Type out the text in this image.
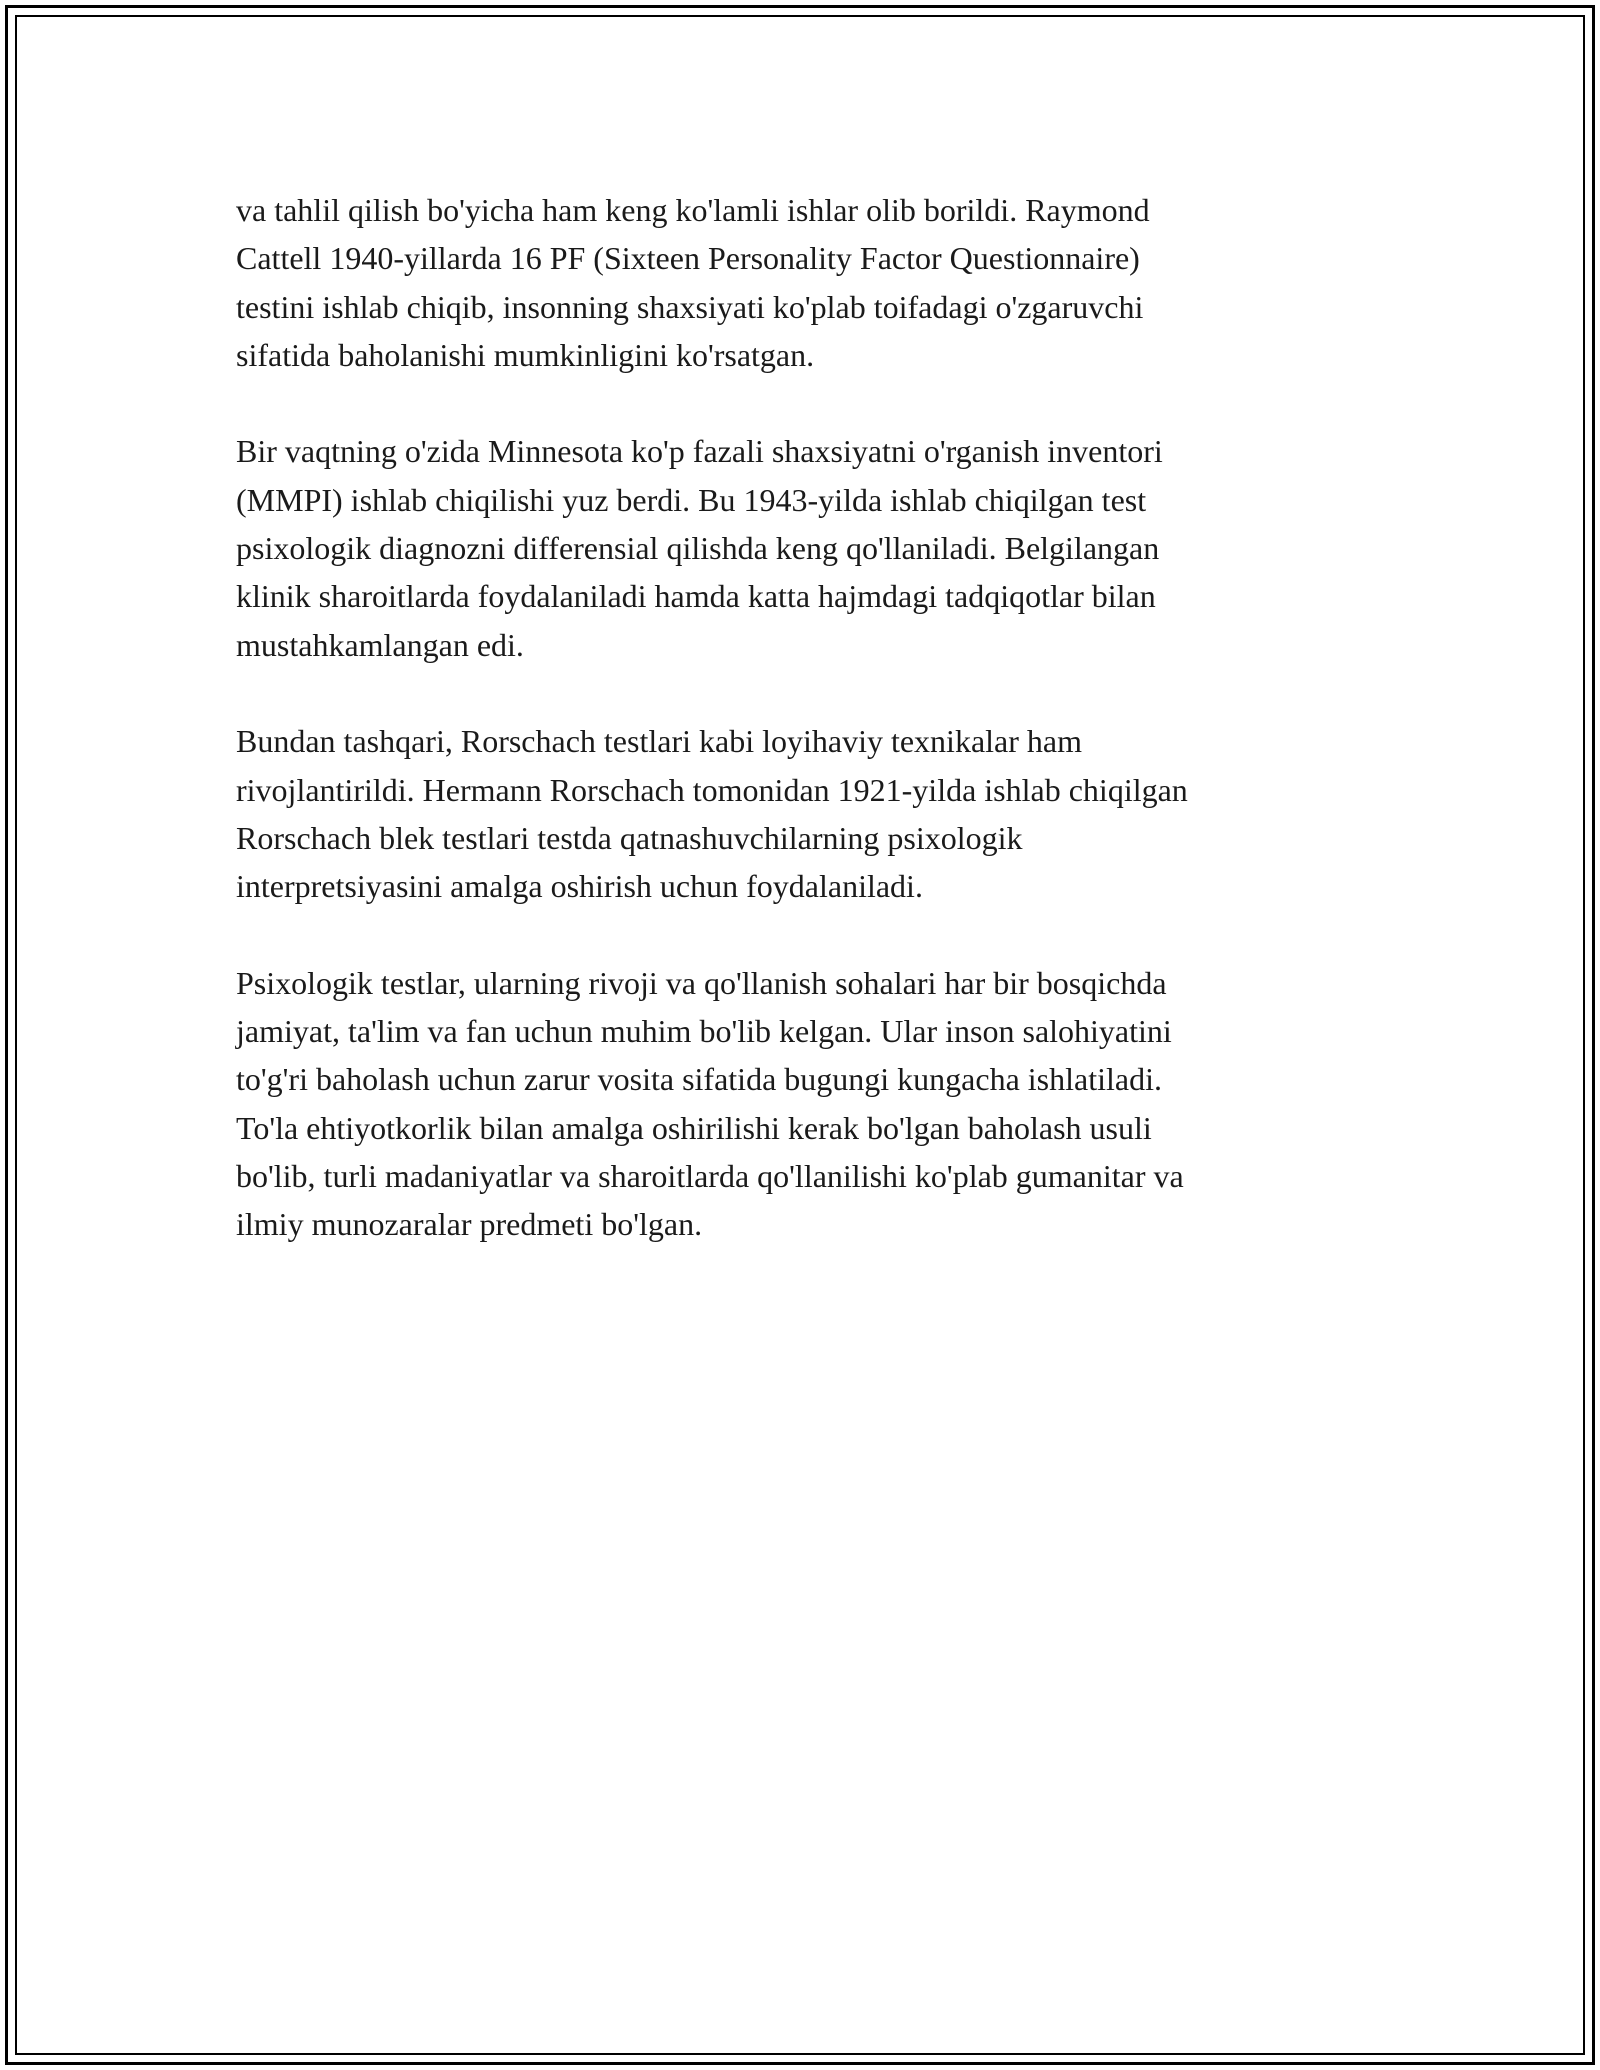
va tahlil qilish bo'yicha ham keng ko'lamli ishlar olib borildi. Raymond
Cattell 1940-yillarda 16 PF (Sixteen Personality Factor Questionnaire)
testini ishlab chiqib, insonning shaxsiyati ko'plab toifadagi o'zgaruvchi
sifatida baholanishi mumkinligini ko'rsatgan.

Bir vaqtning o'zida Minnesota ko'p fazali shaxsiyatni o'rganish inventori
(MMPI) ishlab chiqilishi yuz berdi. Bu 1943-yilda ishlab chiqilgan test
psixologik diagnozni differensial qilishda keng qo'llaniladi. Belgilangan
klinik sharoitlarda foydalaniladi hamda katta hajmdagi tadqiqotlar bilan
mustahkamlangan edi.

Bundan tashqari, Rorschach testlari kabi loyihaviy texnikalar ham
rivojlantirildi. Hermann Rorschach tomonidan 1921-yilda ishlab chiqilgan
Rorschach blek testlari testda qatnashuvchilarning psixologik
interpretsiyasini amalga oshirish uchun foydalaniladi.

Psixologik testlar, ularning rivoji va qo'llanish sohalari har bir bosqichda
jamiyat, ta'lim va fan uchun muhim bo'lib kelgan. Ular inson salohiyatini
to'g'ri baholash uchun zarur vosita sifatida bugungi kungacha ishlatiladi.
To'la ehtiyotkorlik bilan amalga oshirilishi kerak bo'lgan baholash usuli
bo'lib, turli madaniyatlar va sharoitlarda qo'llanilishi ko'plab gumanitar va
ilmiy munozaralar predmeti bo'lgan.
